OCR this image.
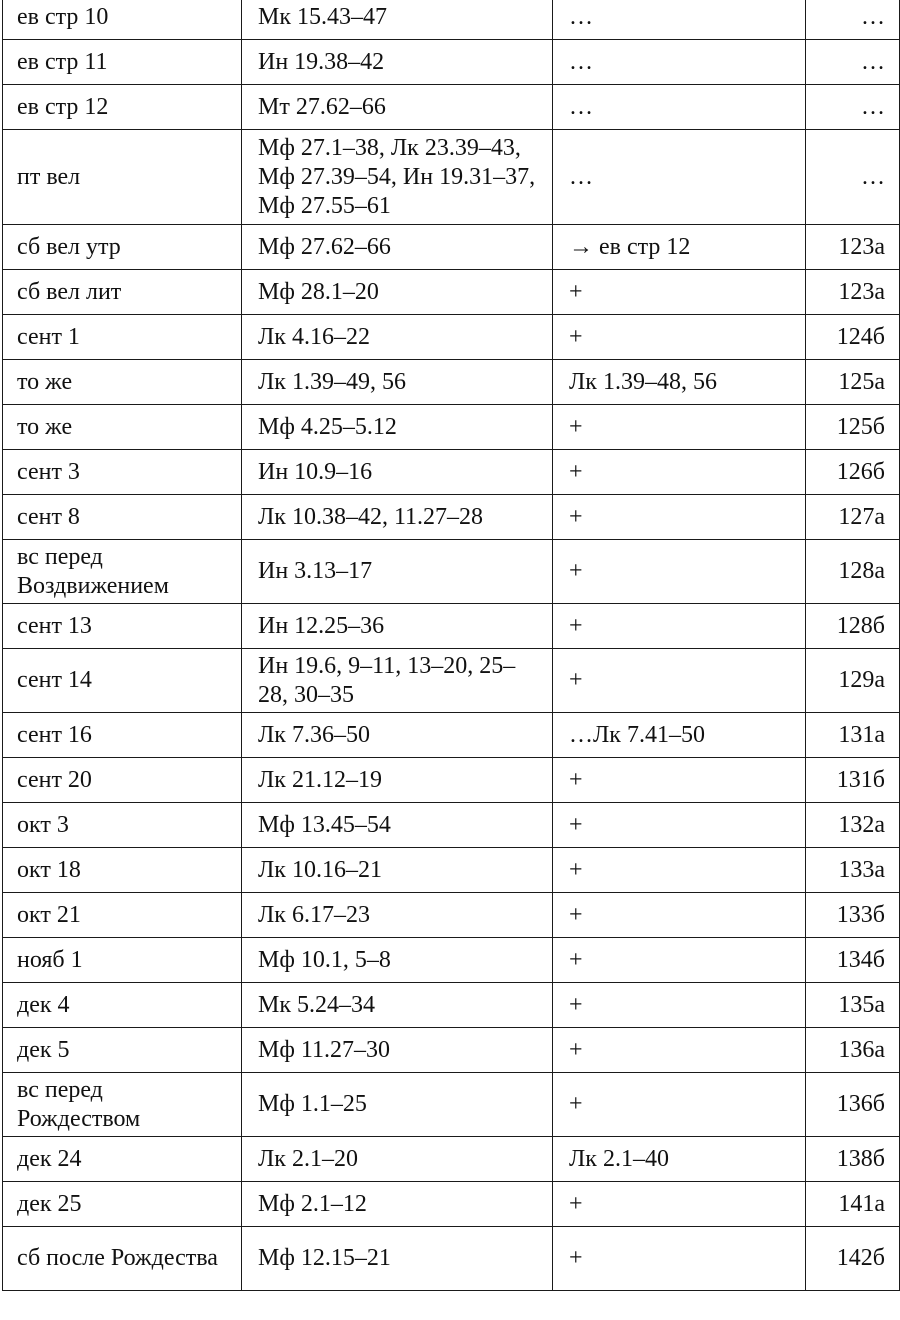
ев стр 10	Мк 15.43–47	…	…
ев стр 11	Ин 19.38–42	…	…
ев стр 12	Мт 27.62–66	…	…
пт вел	Мф 27.1–38, Лк 23.39–43, Мф 27.39–54, Ин 19.31–37, Мф 27.55–61	…	…
сб вел утр	Мф 27.62–66	→ ев стр 12	123а
сб вел лит	Мф 28.1–20	+	123а
сент 1	Лк 4.16–22	+	124б
то же	Лк 1.39–49, 56	Лк 1.39–48, 56	125а
то же	Мф 4.25–5.12	+	125б
сент 3	Ин 10.9–16	+	126б
сент 8	Лк 10.38–42, 11.27–28	+	127а
вс перед Воздвижением	Ин 3.13–17	+	128а
сент 13	Ин 12.25–36	+	128б
сент 14	Ин 19.6, 9–11, 13–20, 25–28, 30–35	+	129а
сент 16	Лк 7.36–50	…Лк 7.41–50	131а
сент 20	Лк 21.12–19	+	131б
окт 3	Мф 13.45–54	+	132а
окт 18	Лк 10.16–21	+	133а
окт 21	Лк 6.17–23	+	133б
нояб 1	Мф 10.1, 5–8	+	134б
дек 4	Мк 5.24–34	+	135а
дек 5	Мф 11.27–30	+	136а
вс перед Рождеством	Мф 1.1–25	+	136б
дек 24	Лк 2.1–20	Лк 2.1–40	138б
дек 25	Мф 2.1–12	+	141а
сб после Рождества	Мф 12.15–21	+	142б
